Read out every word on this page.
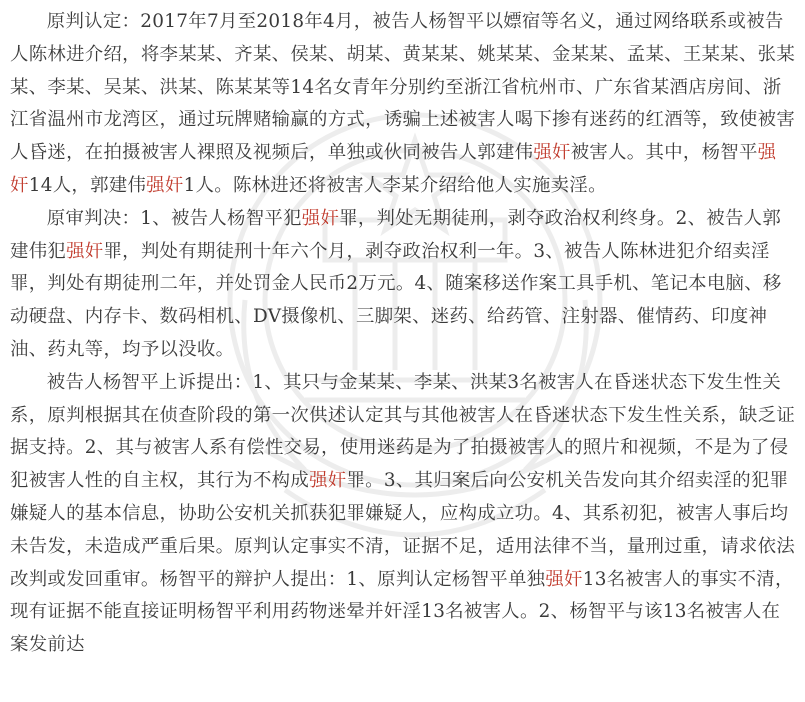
原判认定：2017年7月至2018年4月，被告人杨智平以嫖宿等名义，通过网络联系或被告人陈林进介绍，将李某某、齐某、侯某、胡某、黄某某、姚某某、金某某、孟某、王某某、张某某、李某、吴某、洪某、陈某某等14名女青年分别约至浙江省杭州市、广东省某酒店房间、浙江省温州市龙湾区，通过玩牌赌输赢的方式，诱骗上述被害人喝下掺有迷药的红酒等，致使被害人昏迷，在拍摄被害人裸照及视频后，单独或伙同被告人郭建伟强奸被害人。其中，杨智平强奸14人，郭建伟强奸1人。陈林进还将被害人李某介绍给他人实施卖淫。

原审判决：1、被告人杨智平犯强奸罪，判处无期徒刑，剥夺政治权利终身。2、被告人郭建伟犯强奸罪，判处有期徒刑十年六个月，剥夺政治权利一年。3、被告人陈林进犯介绍卖淫罪，判处有期徒刑二年，并处罚金人民币2万元。4、随案移送作案工具手机、笔记本电脑、移动硬盘、内存卡、数码相机、DV摄像机、三脚架、迷药、给药管、注射器、催情药、印度神油、药丸等，均予以没收。

被告人杨智平上诉提出：1、其只与金某某、李某、洪某3名被害人在昏迷状态下发生性关系，原判根据其在侦查阶段的第一次供述认定其与其他被害人在昏迷状态下发生性关系，缺乏证据支持。2、其与被害人系有偿性交易，使用迷药是为了拍摄被害人的照片和视频，不是为了侵犯被害人性的自主权，其行为不构成强奸罪。3、其归案后向公安机关告发向其介绍卖淫的犯罪嫌疑人的基本信息，协助公安机关抓获犯罪嫌疑人，应构成立功。4、其系初犯，被害人事后均未告发，未造成严重后果。原判认定事实不清，证据不足，适用法律不当，量刑过重，请求依法改判或发回重审。杨智平的辩护人提出：1、原判认定杨智平单独强奸13名被害人的事实不清，现有证据不能直接证明杨智平利用药物迷晕并奸淫13名被害人。2、杨智平与该13名被害人在案发前达
